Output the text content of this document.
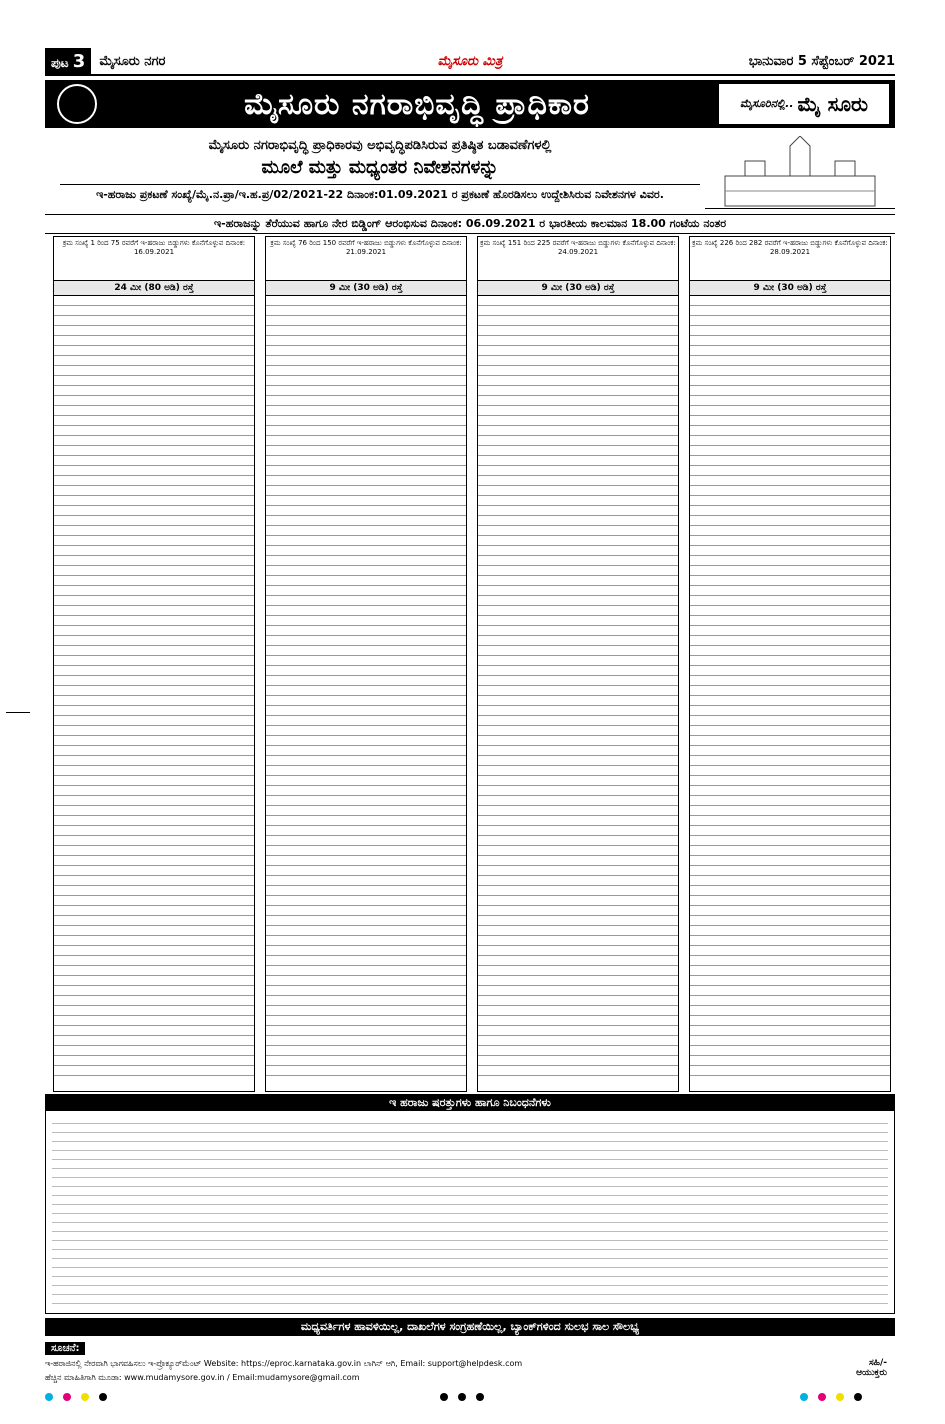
ಪುಟ 3	ಮೈಸೂರು ನಗರ	ಮೈಸೂರು ಮಿತ್ರ	ಭಾನುವಾರ 5 ಸೆಪ್ಟೆಂಬರ್ 2021
ಮೈಸೂರು ನಗರಾಭಿವೃದ್ಧಿ ಪ್ರಾಧಿಕಾರ	ಮೈಸೂರಿನಲ್ಲಿ.. ಮೈ ಸೂರು
ಮೈಸೂರು ನಗರಾಭಿವೃದ್ಧಿ ಪ್ರಾಧಿಕಾರವು ಅಭಿವೃದ್ಧಿಪಡಿಸಿರುವ ಪ್ರತಿಷ್ಠಿತ ಬಡಾವಣೆಗಳಲ್ಲಿ
ಮೂಲೆ ಮತ್ತು ಮಧ್ಯಂತರ ನಿವೇಶನಗಳನ್ನು
ಇ-ಹರಾಜು ಪ್ರಕಟಣೆ ಸಂಖ್ಯೆ/ಮೈ.ನ.ಪ್ರಾ/ಇ.ಹ.ಪ್ರ/02/2021-22 ದಿನಾಂಕ:01.09.2021 ರ ಪ್ರಕಟಣೆ ಹೊರಡಿಸಲು ಉದ್ದೇಶಿಸಿರುವ ನಿವೇಶನಗಳ ವಿವರ.
ಇ-ಹರಾಜನ್ನು ತೆರೆಯುವ ಹಾಗೂ ನೇರ ಬಿಡ್ಡಿಂಗ್ ಆರಂಭಿಸುವ ದಿನಾಂಕ: 06.09.2021 ರ ಭಾರತೀಯ ಕಾಲಮಾನ 18.00 ಗಂಟೆಯ ನಂತರ
ಕ್ರಮ ಸಂಖ್ಯೆ 1 ರಿಂದ 75 ರವರೆಗೆ ಇ-ಹರಾಜು ಬಿಡ್ಡುಗಳು ಕೊನೆಗೊಳ್ಳುವ ದಿನಾಂಕ: 16.09.2021
24 ಮೀ (80 ಅಡಿ) ರಸ್ತೆ
ಕ್ರಮ ಸಂಖ್ಯೆ 76 ರಿಂದ 150 ರವರೆಗೆ ಇ-ಹರಾಜು ಬಿಡ್ಡುಗಳು ಕೊನೆಗೊಳ್ಳುವ ದಿನಾಂಕ: 21.09.2021
9 ಮೀ (30 ಅಡಿ) ರಸ್ತೆ
ಕ್ರಮ ಸಂಖ್ಯೆ 151 ರಿಂದ 225 ರವರೆಗೆ ಇ-ಹರಾಜು ಬಿಡ್ಡುಗಳು ಕೊನೆಗೊಳ್ಳುವ ದಿನಾಂಕ: 24.09.2021
9 ಮೀ (30 ಅಡಿ) ರಸ್ತೆ
ಕ್ರಮ ಸಂಖ್ಯೆ 226 ರಿಂದ 282 ರವರೆಗೆ ಇ-ಹರಾಜು ಬಿಡ್ಡುಗಳು ಕೊನೆಗೊಳ್ಳುವ ದಿನಾಂಕ: 28.09.2021
9 ಮೀ (30 ಅಡಿ) ರಸ್ತೆ
ಇ ಹರಾಜು ಷರತ್ತುಗಳು ಹಾಗೂ ನಿಬಂಧನೆಗಳು
ಮಧ್ಯವರ್ತಿಗಳ ಹಾವಳಿಯಿಲ್ಲ, ದಾಖಲೆಗಳ ಸಂಗ್ರಹಣೆಯಿಲ್ಲ, ಬ್ಯಾಂಕ್‌ಗಳಿಂದ ಸುಲಭ ಸಾಲ ಸೌಲಭ್ಯ
ಸೂಚನೆ:
ಇ-ಹರಾಜಿನಲ್ಲಿ ನೇರವಾಗಿ ಭಾಗವಹಿಸಲು ಇ-ಪ್ರೊಕ್ಯೂರ್‌ಮೆಂಟ್ Website: https://eproc.karnataka.gov.in ಲಾಗಿನ್ ಆಗಿ, Email: support@helpdesk.com
ಹೆಚ್ಚಿನ ಮಾಹಿತಿಗಾಗಿ ಮೂಡಾ: www.mudamysore.gov.in / Email:mudamysore@gmail.com
ಸಹಿ/-
ಆಯುಕ್ತರು
